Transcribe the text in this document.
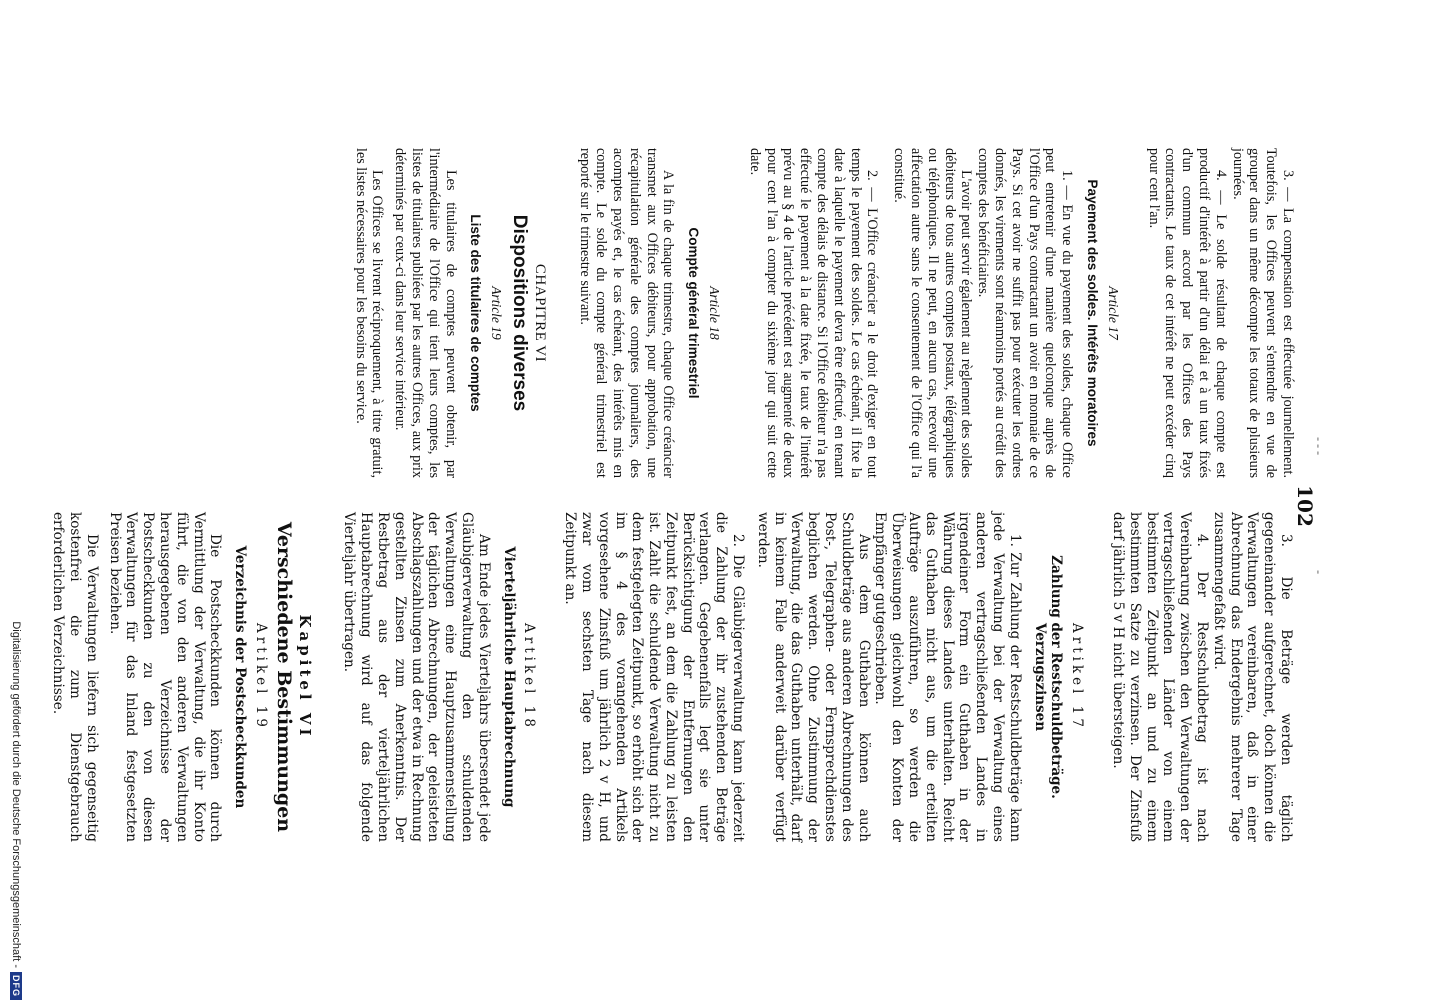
- - -
102
-

3. — La compensation est effectuée journellement. Toutefois, les Offices peuvent s'entendre en vue de grouper dans un même décompte les totaux de plusieurs journées.

4. — Le solde résultant de chaque compte est productif d'intérêt à partir d'un délai et à un taux fixés d'un commun accord par les Offices des Pays contractants. Le taux de cet intérêt ne peut excéder cinq pour cent l'an.

Article 17
Payement des soldes. Intérêts moratoires

1. — En vue du payement des soldes, chaque Office peut entretenir d'une manière quelconque auprès de l'Office d'un Pays contractant un avoir en monnaie de ce Pays. Si cet avoir ne suffit pas pour exécuter les ordres donnés, les virements sont néanmoins portés au crédit des comptes des bénéficiaires.

L'avoir peut servir également au règlement des soldes débiteurs de tous autres comptes postaux, télégraphiques ou téléphoniques. Il ne peut, en aucun cas, recevoir une affectation autre sans le consentement de l'Office qui l'a constitué.

2. — L'Office créancier a le droit d'exiger en tout temps le payement des soldes. Le cas échéant, il fixe la date à laquelle le payement devra être effectué, en tenant compte des délais de distance. Si l'Office débiteur n'a pas effectué le payement à la date fixée, le taux de l'intérêt prévu au § 4 de l'article précédent est augmenté de deux pour cent l'an à compter du sixième jour qui suit cette date.

Article 18
Compte général trimestriel

A la fin de chaque trimestre, chaque Office créancier transmet aux Offices débiteurs, pour approbation, une récapitulation générale des comptes journaliers, des acomptes payés et, le cas échéant, des intérêts mis en compte. Le solde du compte général trimestriel est reporté sur le trimestre suivant.

CHAPITRE VI
Dispositions diverses
Article 19
Liste des titulaires de comptes

Les titulaires de comptes peuvent obtenir, par l'intermédiaire de l'Office qui tient leurs comptes, les listes de titulaires publiées par les autres Offices, aux prix déterminés par ceux-ci dans leur service intérieur.

Les Offices se livrent réciproquement, à titre gratuit, les listes nécessaires pour les besoins du service.

3. Die Beträge werden täglich gegeneinander aufgerechnet, doch können die Verwaltungen vereinbaren, daß in einer Abrechnung das Endergebnis mehrerer Tage zusammengefaßt wird.

4. Der Restschuldbetrag ist nach Vereinbarung zwischen den Verwaltungen der vertragschließenden Länder von einem bestimmten Zeitpunkt an und zu einem bestimmten Satze zu verzinsen. Der Zinsfuß darf jährlich 5 v H nicht übersteigen.

Artikel 17
Zahlung der Restschuldbeträge. Verzugszinsen

1. Zur Zahlung der Restschuldbeträge kann jede Verwaltung bei der Verwaltung eines anderen vertragschließenden Landes in irgendeiner Form ein Guthaben in der Währung dieses Landes unterhalten. Reicht das Guthaben nicht aus, um die erteilten Aufträge auszuführen, so werden die Überweisungen gleichwohl den Konten der Empfänger gutgeschrieben.

Aus dem Guthaben können auch Schuldbeträge aus anderen Abrechnungen des Post-, Telegraphen- oder Fernsprechdienstes beglichen werden. Ohne Zustimmung der Verwaltung, die das Guthaben unterhält, darf in keinem Falle anderweit darüber verfügt werden.

2. Die Gläubigerverwaltung kann jederzeit die Zahlung der ihr zustehenden Beträge verlangen. Gegebenenfalls legt sie unter Berücksichtigung der Entfernungen den Zeitpunkt fest, an dem die Zahlung zu leisten ist. Zahlt die schuldende Verwaltung nicht zu dem festgelegten Zeitpunkt, so erhöht sich der im § 4 des vorangehenden Artikels vorgesehene Zinsfuß um jährlich 2 v H, und zwar vom sechsten Tage nach diesem Zeitpunkt an.

Artikel 18
Vierteljährliche Hauptabrechnung

Am Ende jedes Vierteljahrs übersendet jede Gläubigerverwaltung den schuldenden Verwaltungen eine Hauptzusammenstellung der täglichen Abrechnungen, der geleisteten Abschlagszahlungen und der etwa in Rechnung gestellten Zinsen zum Anerkenntnis. Der Restbetrag aus der vierteljährlichen Hauptabrechnung wird auf das folgende Vierteljahr übertragen.

Kapitel VI
Verschiedene Bestimmungen
Artikel 19
Verzeichnis der Postscheckkunden

Die Postscheckkunden können durch Vermittlung der Verwaltung, die ihr Konto führt, die von den anderen Verwaltungen herausgegebenen Verzeichnisse der Postscheckkunden zu den von diesen Verwaltungen für das Inland festgesetzten Preisen beziehen.

Die Verwaltungen liefern sich gegenseitig kostenfrei die zum Dienstgebrauch erforderlichen Verzeichnisse.

Digitalisierung gefördert durch die Deutsche Forschungsgemeinschaft -DFG
